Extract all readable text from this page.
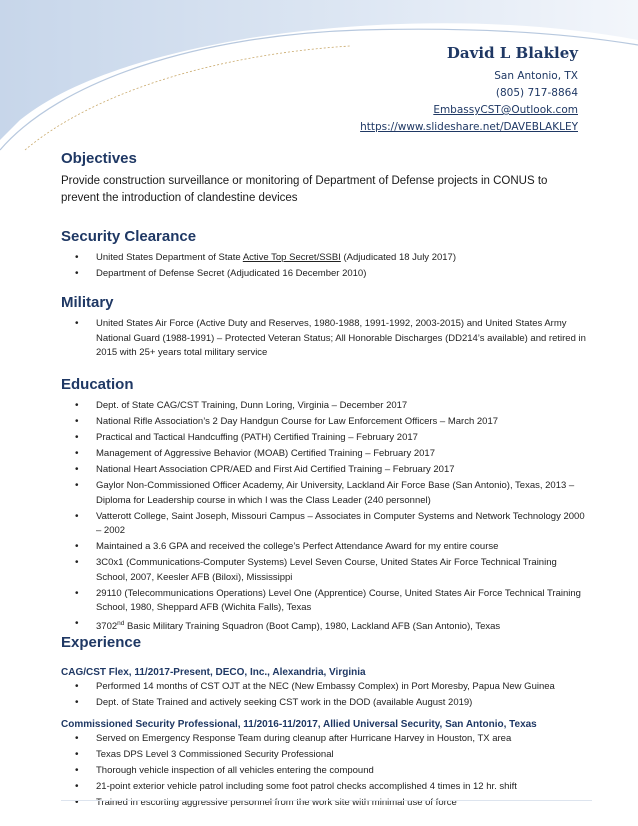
David L Blakley
San Antonio, TX
(805) 717-8864
EmbassyCST@Outlook.com
https://www.slideshare.net/DAVEBLAKLEY
Objectives
Provide construction surveillance or monitoring of Department of Defense projects in CONUS to
prevent the introduction of clandestine devices
Security Clearance
• United States Department of State Active Top Secret/SSBI (Adjudicated 18 July 2017)
• Department of Defense Secret (Adjudicated 16 December 2010)
Military
• United States Air Force (Active Duty and Reserves, 1980-1988, 1991-1992, 2003-2015) and United States Army National Guard (1988-1991) – Protected Veteran Status; All Honorable Discharges (DD214’s available) and retired in 2015 with 25+ years total military service
Education
• Dept. of State CAG/CST Training, Dunn Loring, Virginia – December 2017
• National Rifle Association’s 2 Day Handgun Course for Law Enforcement Officers – March 2017
• Practical and Tactical Handcuffing (PATH) Certified Training – February 2017
• Management of Aggressive Behavior (MOAB) Certified Training – February 2017
• National Heart Association CPR/AED and First Aid Certified Training – February 2017
• Gaylor Non-Commissioned Officer Academy, Air University, Lackland Air Force Base (San Antonio), Texas, 2013 – Diploma for Leadership course in which I was the Class Leader (240 personnel)
• Vatterott College, Saint Joseph, Missouri Campus – Associates in Computer Systems and Network Technology 2000 – 2002
• Maintained a 3.6 GPA and received the college’s Perfect Attendance Award for my entire course
• 3C0x1 (Communications-Computer Systems) Level Seven Course, United States Air Force Technical Training School, 2007, Keesler AFB (Biloxi), Mississippi
• 29110 (Telecommunications Operations) Level One (Apprentice) Course, United States Air Force Technical Training School, 1980, Sheppard AFB (Wichita Falls), Texas
• 3702nd Basic Military Training Squadron (Boot Camp), 1980, Lackland AFB (San Antonio), Texas
Experience
CAG/CST Flex, 11/2017-Present, DECO, Inc., Alexandria, Virginia
• Performed 14 months of CST OJT at the NEC (New Embassy Complex) in Port Moresby, Papua New Guinea
• Dept. of State Trained and actively seeking CST work in the DOD (available August 2019)
Commissioned Security Professional, 11/2016-11/2017, Allied Universal Security, San Antonio, Texas
• Served on Emergency Response Team during cleanup after Hurricane Harvey in Houston, TX area
• Texas DPS Level 3 Commissioned Security Professional
• Thorough vehicle inspection of all vehicles entering the compound
• 21-point exterior vehicle patrol including some foot patrol checks accomplished 4 times in 12 hr. shift
• Trained in escorting aggressive personnel from the work site with minimal use of force
